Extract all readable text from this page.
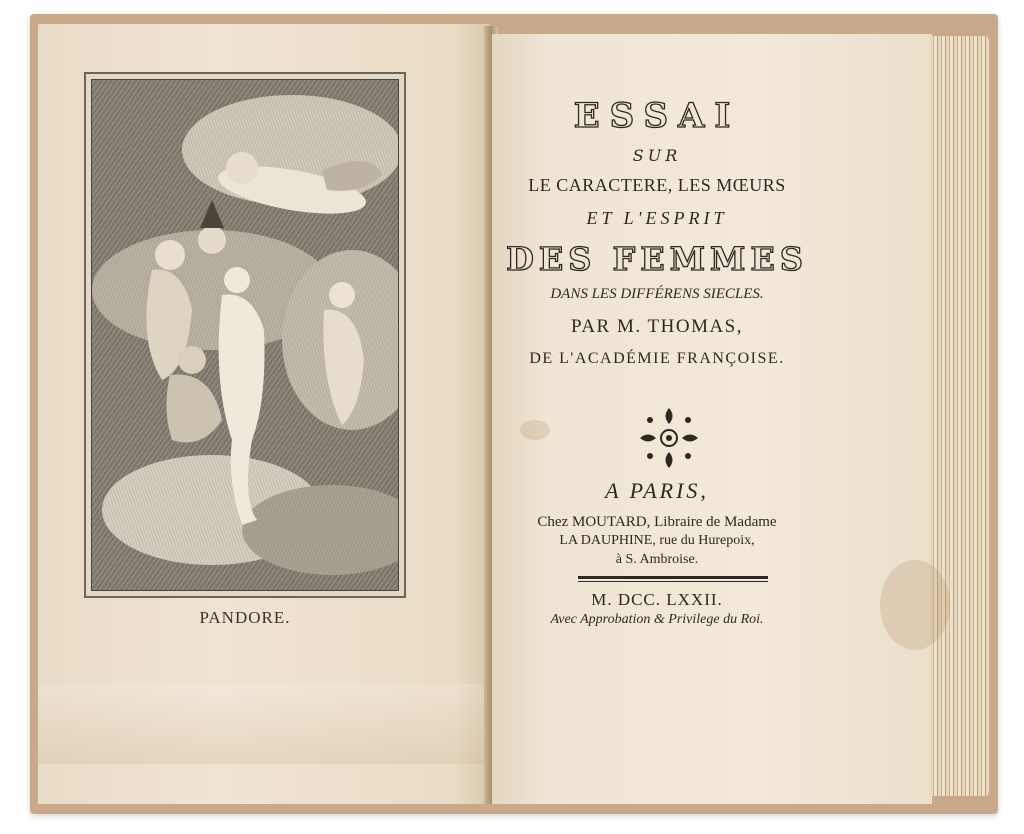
PANDORE.
ESSAI
SUR
LE CARACTERE, LES MŒURS
ET L'ESPRIT
DES FEMMES
DANS LES DIFFÉRENS SIECLES.
PAR M. THOMAS,
DE L'ACADÉMIE FRANÇOISE.
A PARIS,
Chez MOUTARD, Libraire de Madame
LA DAUPHINE, rue du Hurepoix,
à S. Ambroise.
M. DCC. LXXII.
Avec Approbation & Privilege du Roi.
